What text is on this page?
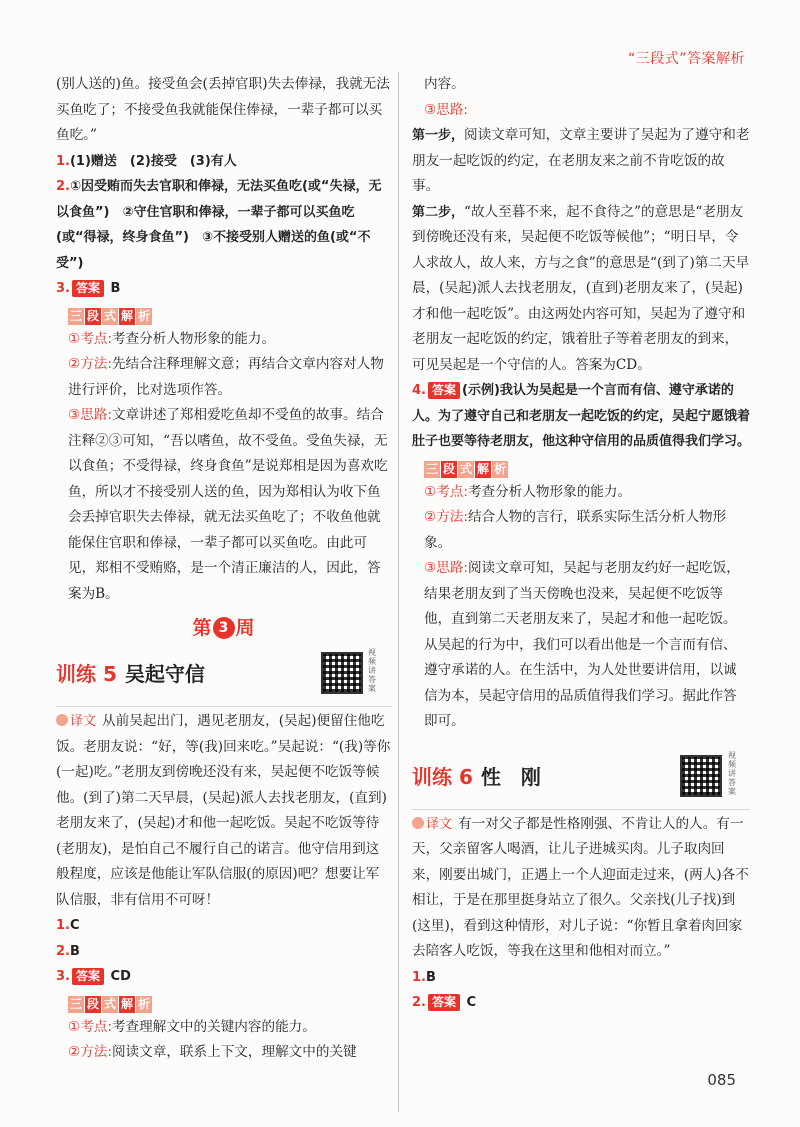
“三段式”答案解析

(别人送的)鱼。接受鱼会(丢掉官职)失去俸禄，我就无法买鱼吃了；不接受鱼我就能保住俸禄，一辈子都可以买鱼吃。”

1.(1)赠送　(2)接受　(3)有人

2.①因受贿而失去官职和俸禄，无法买鱼吃(或“失禄，无以食鱼”)　②守住官职和俸禄，一辈子都可以买鱼吃(或“得禄，终身食鱼”)　③不接受别人赠送的鱼(或“不受”)

3. 答案 B

三 段 式 解 析

①考点:考查分析人物形象的能力。

②方法:先结合注释理解文意；再结合文章内容对人物进行评价，比对选项作答。

③思路:文章讲述了郑相爱吃鱼却不受鱼的故事。结合注释②③可知，“吾以嗜鱼，故不受鱼。受鱼失禄，无以食鱼；不受得禄，终身食鱼”是说郑相是因为喜欢吃鱼，所以才不接受别人送的鱼，因为郑相认为收下鱼会丢掉官职失去俸禄，就无法买鱼吃了；不收鱼他就能保住官职和俸禄，一辈子都可以买鱼吃。由此可见，郑相不受贿赂，是一个清正廉洁的人，因此，答案为B。

第 3 周
训练 5 吴起守信
视频讲答案

译文 从前吴起出门，遇见老朋友，(吴起)便留住他吃饭。老朋友说：“好，等(我)回来吃。”吴起说：“(我)等你(一起)吃。”老朋友到傍晚还没有来，吴起便不吃饭等候他。(到了)第二天早晨，(吴起)派人去找老朋友，(直到)老朋友来了，(吴起)才和他一起吃饭。吴起不吃饭等待(老朋友)，是怕自己不履行自己的诺言。他守信用到这般程度，应该是他能让军队信服(的原因)吧？想要让军队信服，非有信用不可呀！

1.C

2.B

3. 答案 CD

三 段 式 解 析

①考点:考查理解文中的关键内容的能力。

②方法:阅读文章，联系上下文，理解文中的关键

内容。

③思路:

第一步，阅读文章可知，文章主要讲了吴起为了遵守和老朋友一起吃饭的约定，在老朋友来之前不肯吃饭的故事。

第二步，“故人至暮不来，起不食待之”的意思是“老朋友到傍晚还没有来，吴起便不吃饭等候他”；“明日早，令人求故人，故人来，方与之食”的意思是“(到了)第二天早晨，(吴起)派人去找老朋友，(直到)老朋友来了，(吴起)才和他一起吃饭”。由这两处内容可知，吴起为了遵守和老朋友一起吃饭的约定，饿着肚子等着老朋友的到来，可见吴起是一个守信的人。答案为CD。

4. 答案 (示例)我认为吴起是一个言而有信、遵守承诺的人。为了遵守自己和老朋友一起吃饭的约定，吴起宁愿饿着肚子也要等待老朋友，他这种守信用的品质值得我们学习。

三 段 式 解 析

①考点:考查分析人物形象的能力。

②方法:结合人物的言行，联系实际生活分析人物形象。

③思路:阅读文章可知，吴起与老朋友约好一起吃饭，结果老朋友到了当天傍晚也没来，吴起便不吃饭等他，直到第二天老朋友来了，吴起才和他一起吃饭。从吴起的行为中，我们可以看出他是一个言而有信、遵守承诺的人。在生活中，为人处世要讲信用，以诚信为本，吴起守信用的品质值得我们学习。据此作答即可。

训练 6 性　刚
视频讲答案

译文 有一对父子都是性格刚强、不肯让人的人。有一天，父亲留客人喝酒，让儿子进城买肉。儿子取肉回来，刚要出城门，正遇上一个人迎面走过来，(两人)各不相让，于是在那里挺身站立了很久。父亲找(儿子找)到(这里)，看到这种情形，对儿子说：“你暂且拿着肉回家去陪客人吃饭，等我在这里和他相对而立。”

1.B

2. 答案 C

085
